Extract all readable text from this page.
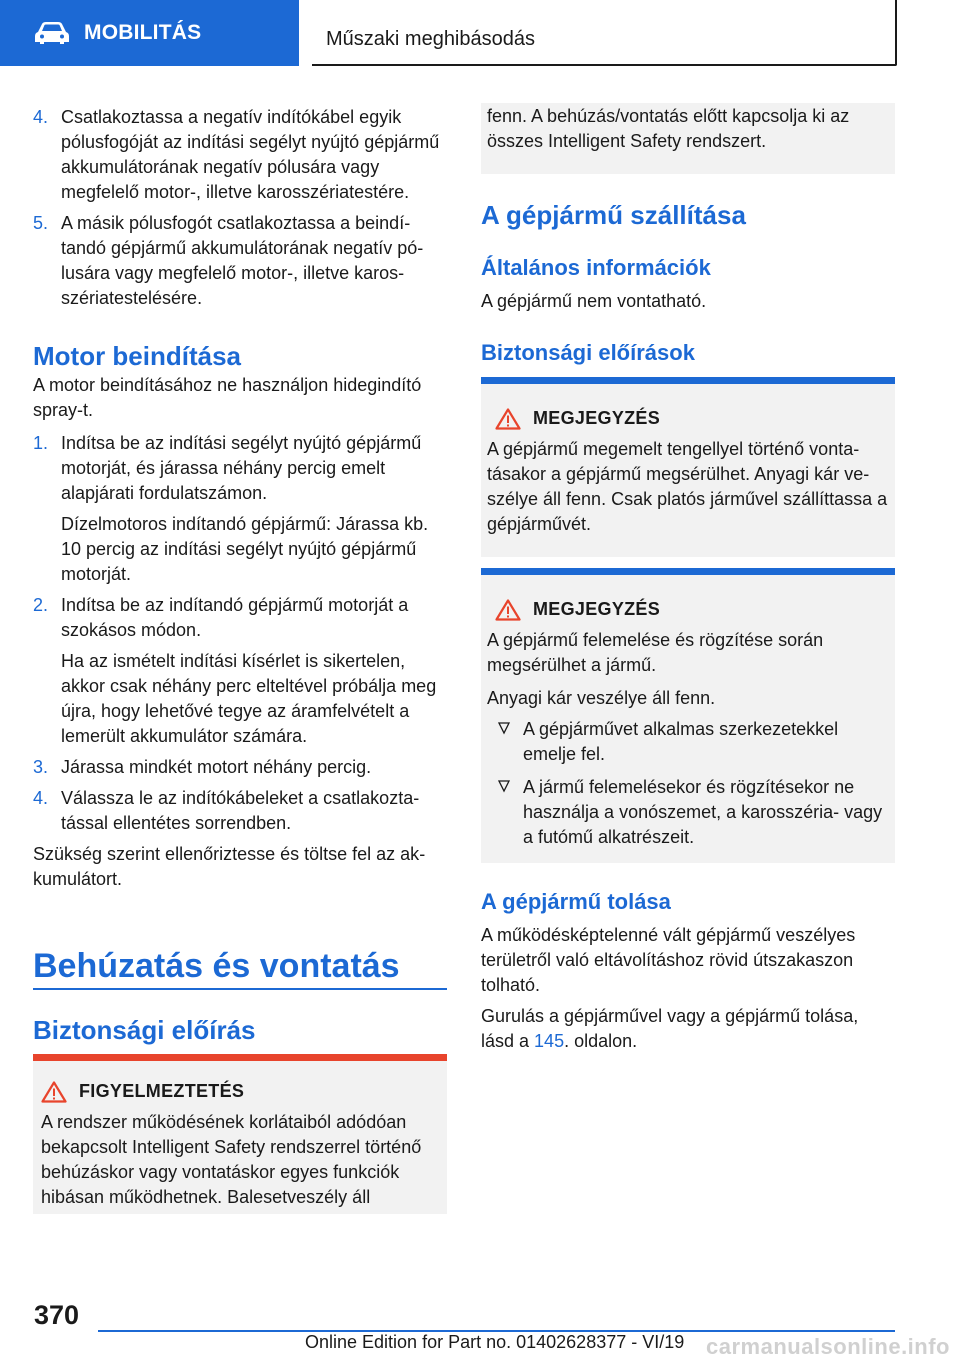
MOBILITÁS	Műszaki meghibásodás
4. Csatlakoztassa a negatív indítókábel egyik pólusfogóját az indítási segélyt nyújtó gépjármű akkumulátorának negatív pólusára vagy megfelelő motor-, illetve karosszériatestére.
5. A másik pólusfogót csatlakoztassa a beindítandó gépjármű akkumulátorának negatív pólusára vagy megfelelő motor-, illetve karosszériatestelésére.
Motor beindítása

A motor beindításához ne használjon hidegindító spray-t.

1. Indítsa be az indítási segélyt nyújtó gépjármű motorját, és járassa néhány percig emelt alapjárati fordulatszámon.
Dízelmotoros indítandó gépjármű: Járassa kb. 10 percig az indítási segélyt nyújtó gépjármű motorját.
2. Indítsa be az indítandó gépjármű motorját a szokásos módon.
Ha az ismételt indítási kísérlet is sikertelen, akkor csak néhány perc elteltével próbálja meg újra, hogy lehetővé tegye az áramfelvételt a lemerült akkumulátor számára.
3. Járassa mindkét motort néhány percig.
4. Válassza le az indítókábeleket a csatlakoztatással ellentétes sorrendben.

Szükség szerint ellenőriztesse és töltse fel az akkumulátort.

Behúzatás és vontatás
Biztonsági előírás
FIGYELMEZTETÉS
A rendszer működésének korlátaiból adódóan bekapcsolt Intelligent Safety rendszerrel történő behúzáskor vagy vontatáskor egyes funkciók hibásan működhetnek. Balesetveszély áll
fenn. A behúzás/vontatás előtt kapcsolja ki az összes Intelligent Safety rendszert.
A gépjármű szállítása
Általános információk
A gépjármű nem vontatható.
Biztonsági előírások
MEGJEGYZÉS
A gépjármű megemelt tengellyel történő vontatásakor a gépjármű megsérülhet. Anyagi kár veszélye áll fenn. Csak platós járművel szállíttassa a gépjárművét.
MEGJEGYZÉS
A gépjármű felemelése és rögzítése során megsérülhet a jármű.
Anyagi kár veszélye áll fenn.
A gépjárművet alkalmas szerkezetekkel emelje fel.
A jármű felemelésekor és rögzítésekor ne használja a vonószemet, a karosszéria- vagy a futómű alkatrészeit.
A gépjármű tolása

A működésképtelenné vált gépjármű veszélyes területről való eltávolításhoz rövid útszakaszon tolható.

Gurulás a gépjárművel vagy a gépjármű tolása, lásd a 145. oldalon.

370
Online Edition for Part no. 01402628377 - VI/19 carmanualsonline.info
